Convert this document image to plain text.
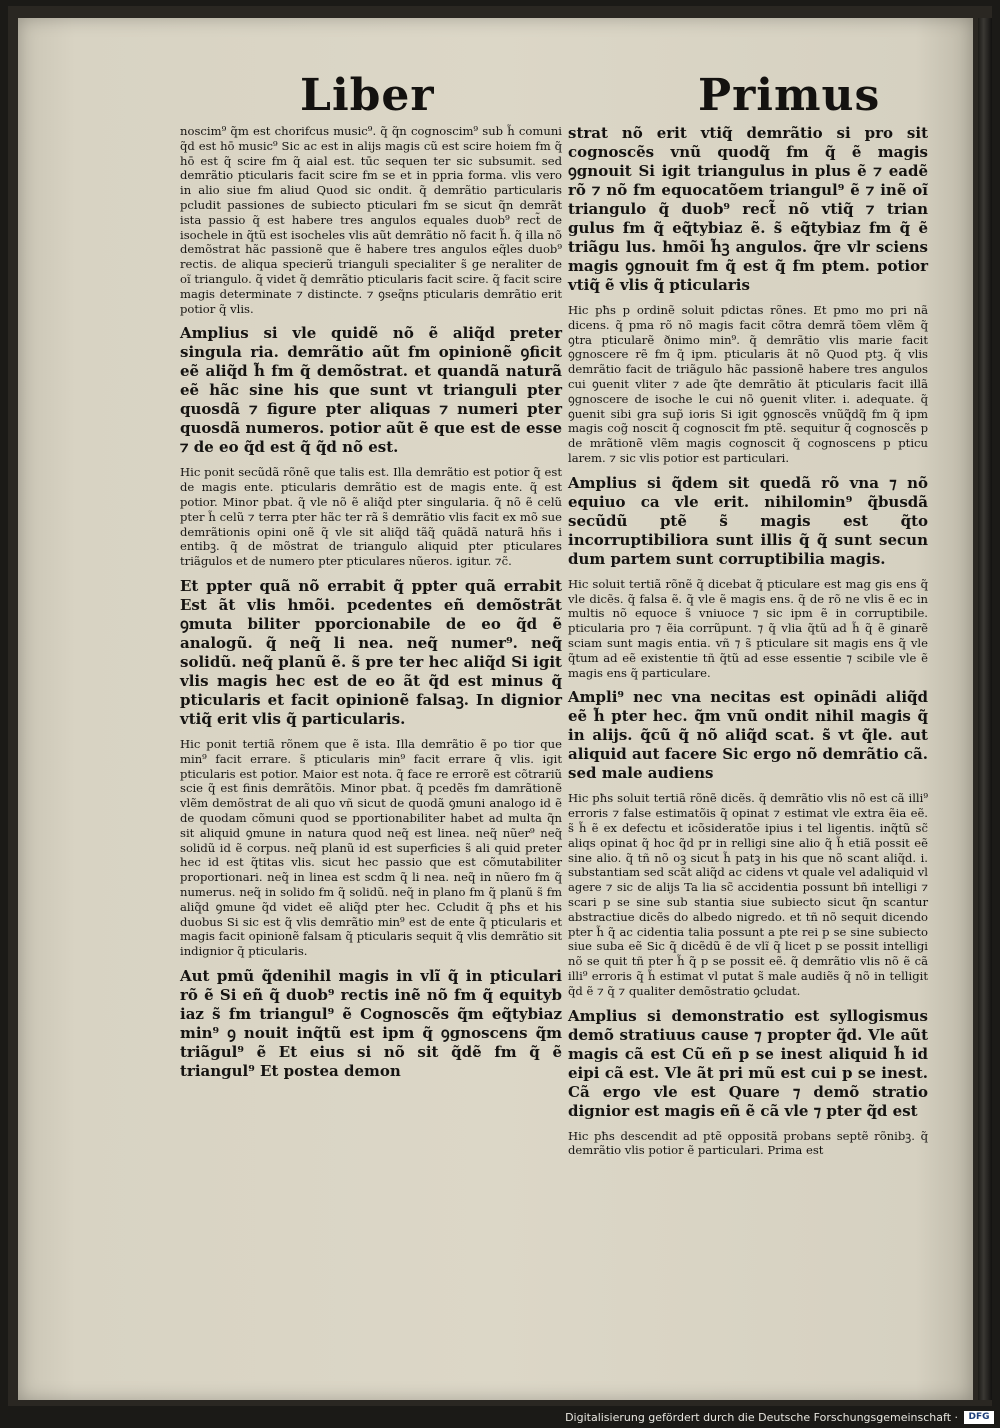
Liber	Primus

noscim⁹ q̃m est chorifcus music⁹. q̃ q̃n cognoscim⁹ sub h̃ comuni q̃d est hō music⁹ Sic ac est in alijs magis cũ est scire hoiem fm q̃ hō est q̃ scire fm q̃ aial est. tūc sequen ter sic subsumit. sed demrãtio pticularis facit scire fm se et in ppria forma. vlis vero in alio siue fm aliud Quod sic ondit. q̃ demrãtio particularis pcludit passiones de subiecto pticulari fm se sicut q̃n demrãt ista passio q̃ est habere tres angulos equales duob⁹ rect̃ de isochele in q̃tũ est isocheles vlis aũt demrãtio nõ facit h̃. q̃ illa nõ demõstrat hãc passionẽ que ẽ habere tres angulos eq̃les duob⁹ rectis. de aliqua specierũ trianguli specialiter s̃ ge neraliter de oĩ triangulo. q̃ videt q̃ demrãtio pticularis facit scire. q̃ facit scire magis determinate ⁊ distincte. ⁊ ꝯseq̃ns pticularis demrãtio erit potior q̃ vlis.

Amplius si vle quidẽ nõ ẽ aliq̃d preter singula ria. demrãtio aũt fm opinionẽ ꝯficit eẽ aliq̃d h̃ fm q̃ demõstrat. et quandã naturã eẽ hãc sine his que sunt vt trianguli pter quosdã ⁊ figure pter aliquas ⁊ numeri pter quosdã numeros. potior aũt ẽ que est de esse ⁊ de eo q̃d est q̃ q̃d nõ est.

Hic ponit secũdã rõnẽ que talis est. Illa demrãtio est potior q̃ est de magis ente. pticularis demrãtio est de magis ente. q̃ est potior. Minor pbat. q̃ vle nõ ẽ aliq̃d pter singularia. q̃ nõ ẽ celũ pter h̃ celũ ⁊ terra pter hãc ter rã s̃ demrãtio vlis facit ex mõ sue demrãtionis opini onẽ q̃ vle sit aliq̃d tãq̃ quãdã naturã hñs i entibꝫ. q̃ de mõstrat de triangulo aliquid pter pticulares triãgulos et de numero pter pticulares nũeros. igitur. ⁊c̃.

Et ppter quã nõ errabit q̃ ppter quã errabit Est ãt vlis hmõi. pcedentes eñ demõstrãt ꝯmuta biliter pporcionabile de eo q̃d ẽ analogũ. q̃ neq̃ li nea. neq̃ numer⁹. neq̃ solidũ. neq̃ planũ ẽ. s̃ pre ter hec aliq̃d Si igit vlis magis hec est de eo ãt q̃d est minus q̃ pticularis et facit opinionẽ falsaꝫ. In dignior vtiq̃ erit vlis q̃ particularis.

Hic ponit tertiã rõnem que ẽ ista. Illa demrãtio ẽ po tior que min⁹ facit errare. s̃ pticularis min⁹ facit errare q̃ vlis. igit pticularis est potior. Maior est nota. q̃ face re errorẽ est cõtrariũ scie q̃ est finis demrãtõis. Minor pbat. q̃ pcedẽs fm damrãtionẽ vlẽm demõstrat de ali quo vñ sicut de quodã ꝯmuni analogo id ẽ de quodam cõmuni quod se pportionabiliter habet ad multa q̃n sit aliquid ꝯmune in natura quod neq̃ est linea. neq̃ nũer⁹ neq̃ solidũ id ẽ corpus. neq̃ planũ id est superficies s̃ ali quid preter hec id est q̃titas vlis. sicut hec passio que est cõmutabiliter proportionari. neq̃ in linea est scdm q̃ li nea. neq̃ in nũero fm q̃ numerus. neq̃ in solido fm q̃ solidũ. neq̃ in plano fm q̃ planũ s̃ fm aliq̃d ꝯmune q̃d videt eẽ aliq̃d pter hec. Ccludit q̃ pħs et his duobus Si sic est q̃ vlis demrãtio min⁹ est de ente q̃ pticularis et magis facit opinionẽ falsam q̃ pticularis sequit q̃ vlis demrãtio sit indignior q̃ pticularis.

Aut pmũ q̃denihil magis in vlĩ q̃ in pticulari rõ ẽ Si eñ q̃ duob⁹ rectis inẽ nõ fm q̃ equityb iaz s̃ fm triangul⁹ ẽ Cognoscẽs q̃m eq̃tybiaz min⁹ ꝯ nouit inq̃tũ est ipm q̃ ꝯgnoscens q̃m triãgul⁹ ẽ Et eius si nõ sit q̃dẽ fm q̃ ẽ triangul⁹ Et postea demon

strat nõ erit vtiq̃ demrãtio si pro sit cognoscẽs vnũ quodq̃ fm q̃ ẽ magis ꝯgnouit Si igit triangulus in plus ẽ ⁊ eadẽ rõ ⁊ nõ fm equocatõem triangul⁹ ẽ ⁊ inẽ oĩ triangulo q̃ duob⁹ rect̃ nõ vtiq̃ ⁊ trian gulus fm q̃ eq̃tybiaz ẽ. s̃ eq̃tybiaz fm q̃ ẽ triãgu lus. hmõi h̃ꝫ angulos. q̃re vlr sciens magis ꝯgnouit fm q̃ est q̃ fm ptem. potior vtiq̃ ẽ vlis q̃ pticularis

Hic pħs p ordinẽ soluit pdictas rõnes. Et pmo mo pri nã dicens. q̃ pma rõ nõ magis facit cõtra demrã tõem vlẽm q̃ ꝯtra pticularẽ ðnimo min⁹. q̃ demrãtio vlis marie facit ꝯgnoscere rẽ fm q̃ ipm. pticularis ãt nõ Quod ptꝫ. q̃ vlis demrãtio facit de triãgulo hãc passionẽ habere tres angulos cui ꝯuenit vliter ⁊ ade q̃te demrãtio ãt pticularis facit illã ꝯgnoscere de isoche le cui nõ ꝯuenit vliter. i. adequate. q̃ ꝯuenit sibi gra sup̃ ioris Si igit ꝯgnoscẽs vnũq̃dq̃ fm q̃ ipm magis cog̃ noscit q̃ cognoscit fm ptẽ. sequitur q̃ cognoscẽs p de mrãtionẽ vlẽm magis cognoscit q̃ cognoscens p pticu larem. ⁊ sic vlis potior est particulari.

Amplius si q̃dem sit quedã rõ vna ⁊ nõ equiuo ca vle erit. nihilomin⁹ q̃busdã secũdũ ptẽ s̃ magis est q̃to incorruptibiliora sunt illis q̃ q̃ sunt secun dum partem sunt corruptibilia magis.

Hic soluit tertiã rõnẽ q̃ dicebat q̃ pticulare est mag gis ens q̃ vle dicẽs. q̃ falsa ẽ. q̃ vle ẽ magis ens. q̃ de rõ ne vlis ẽ ec in multis nõ equoce s̃ vniuoce ⁊ sic ipm ẽ in corruptibile. pticularia pro ⁊ ẽia corrũpunt. ⁊ q̃ vlia q̃tũ ad h̃ q̃ ẽ ginarẽ sciam sunt magis entia. vñ ⁊ s̃ pticulare sit magis ens q̃ vle q̃tum ad eẽ existentie tñ q̃tũ ad esse essentie ⁊ scibile vle ẽ magis ens q̃ particulare.

Ampli⁹ nec vna necitas est opinãdi aliq̃d eẽ h̃ pter hec. q̃m vnũ ondit nihil magis q̃ in alijs. q̃cũ q̃ nõ aliq̃d scat. s̃ vt q̃le. aut aliquid aut facere Sic ergo nõ demrãtio cã. sed male audiens

Hic pħs soluit tertiã rõnẽ dicẽs. q̃ demrãtio vlis nõ est cã illi⁹ erroris ⁊ false estimatõis q̃ opinat ⁊ estimat vle extra ẽia eẽ. s̃ h̃ ẽ ex defectu et icõsideratõe ipius i tel ligentis. inq̃tũ sc̃ aliqs opinat q̃ hoc q̃d pr in relligi sine alio q̃ h̃ etiã possit eẽ sine alio. q̃ tñ nõ oꝫ sicut h̃ patꝫ in his que nõ scant aliq̃d. i. substantiam sed scãt aliq̃d ac cidens vt quale vel adaliquid vl agere ⁊ sic de alijs Ta lia sc̃ accidentia possunt bñ intelligi ⁊ scari p se sine sub stantia siue subiecto sicut q̃n scantur abstractiue dicẽs do albedo nigredo. et tñ nõ sequit dicendo pter h̃ q̃ ac cidentia talia possunt a pte rei p se sine subiecto siue suba eẽ Sic q̃ dicẽdũ ẽ de vlĩ q̃ licet p se possit intelligi nõ se quit tñ pter h̃ q̃ p se possit eẽ. q̃ demrãtio vlis nõ ẽ cã illi⁹ erroris q̃ h̃ estimat vl putat s̃ male audiẽs q̃ nõ in telligit q̃d ẽ ⁊ q̃ ⁊ qualiter demõstratio ꝯcludat.

Amplius si demonstratio est syllogismus demõ stratiuus cause ⁊ propter q̃d. Vle aũt magis cã est Cũ eñ p se inest aliquid h̃ id eipi cã est. Vle ãt pri mũ est cui p se inest. Cã ergo vle est Quare ⁊ demõ stratio dignior est magis eñ ẽ cã vle ⁊ pter q̃d est

Hic pħs descendit ad ptẽ oppositã probans septẽ rõnibꝫ. q̃ demrãtio vlis potior ẽ particulari. Prima est

Digitalisierung gefördert durch die Deutsche Forschungsgemeinschaft ·	DFG
